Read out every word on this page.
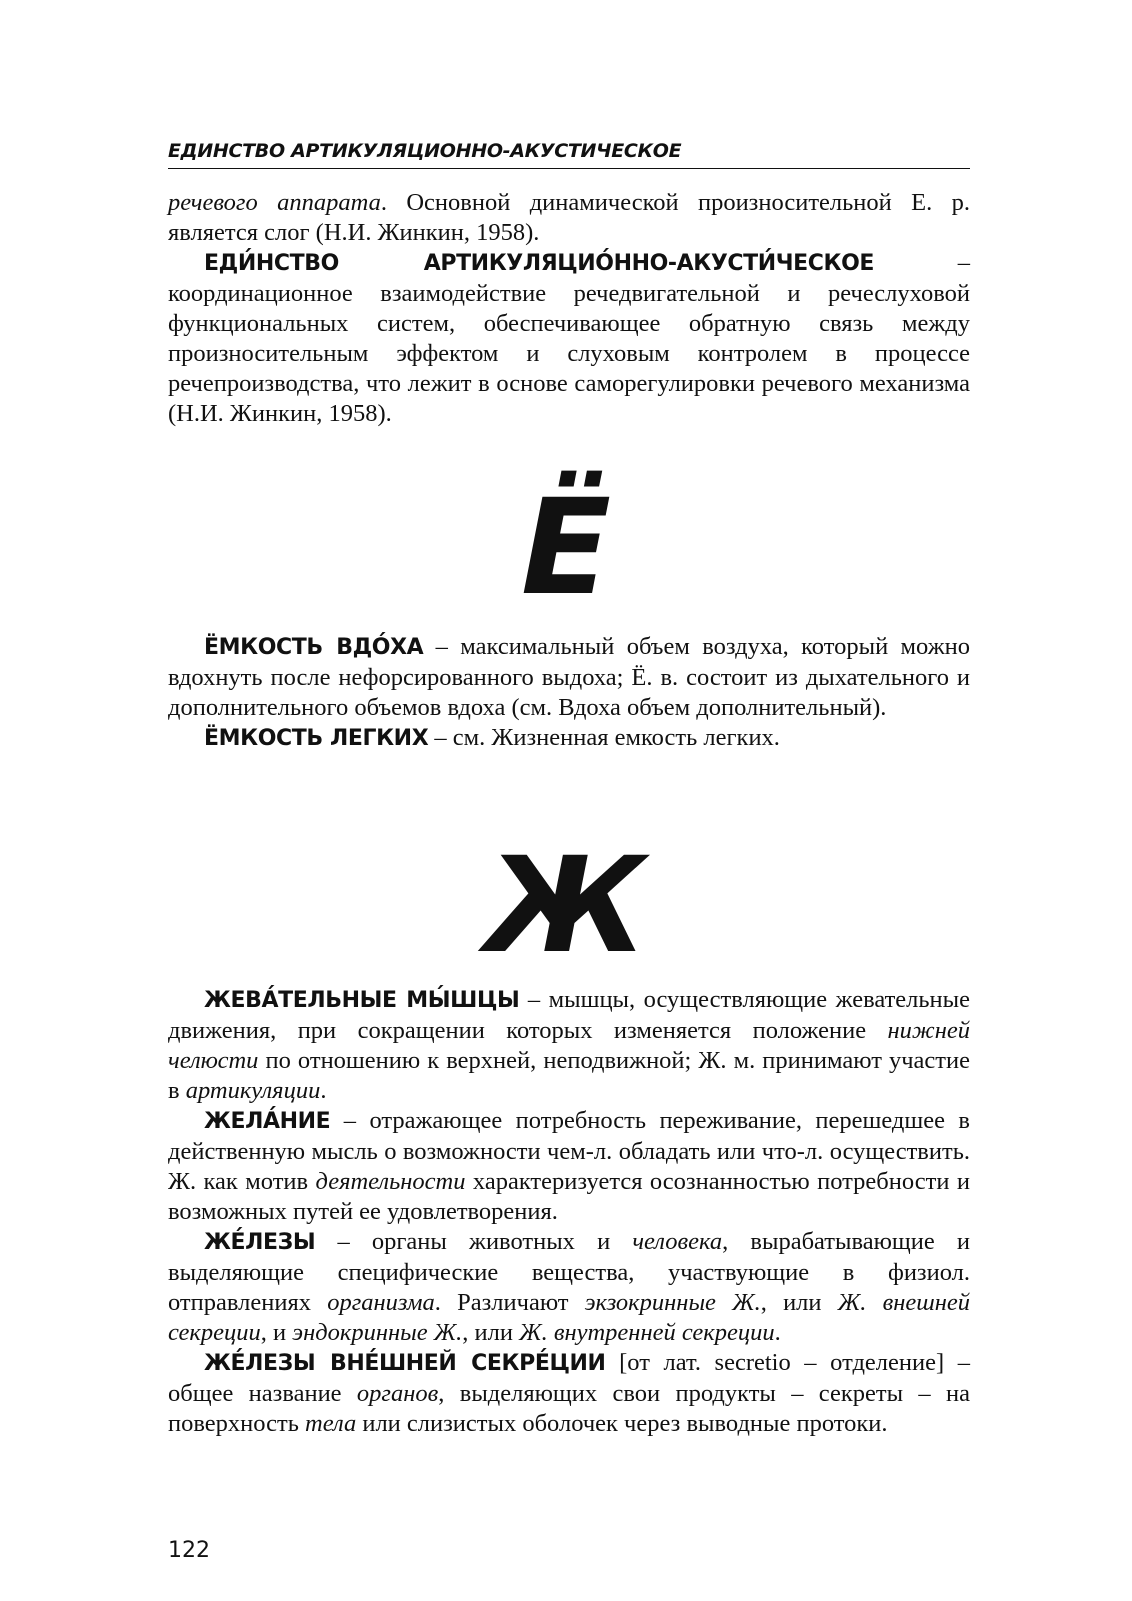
ЕДИНСТВО АРТИКУЛЯЦИОННО-АКУСТИЧЕСКОЕ

речевого аппарата. Основной динамической произносительной Е. р. является слог (Н.И. Жинкин, 1958).

ЕДИ́НСТВО АРТИКУЛЯЦИО́ННО-АКУСТИ́ЧЕСКОЕ – координационное взаимодействие речедвигательной и речеслуховой функциональных систем, обеспечивающее обратную связь между произносительным эффектом и слуховым контролем в процессе речепроизводства, что лежит в основе саморегулировки речевого механизма (Н.И. Жинкин, 1958).

Ё

ЁМКОСТЬ ВДО́ХА – максимальный объем воздуха, который можно вдохнуть после нефорсированного выдоха; Ё. в. состоит из дыхательного и дополнительного объемов вдоха (см. Вдоха объем дополнительный).

ЁМКОСТЬ ЛЕГКИХ – см. Жизненная емкость легких.

Ж

ЖЕВА́ТЕЛЬНЫЕ МЫ́ШЦЫ – мышцы, осуществляющие жевательные движения, при сокращении которых изменяется положение нижней челюсти по отношению к верхней, неподвижной; Ж. м. принимают участие в артикуляции.

ЖЕЛА́НИЕ – отражающее потребность переживание, перешедшее в действенную мысль о возможности чем-л. обладать или что-л. осуществить. Ж. как мотив деятельности характеризуется осознанностью потребности и возможных путей ее удовлетворения.

ЖЕ́ЛЕЗЫ – органы животных и человека, вырабатывающие и выделяющие специфические вещества, участвующие в физиол. отправлениях организма. Различают экзокринные Ж., или Ж. внешней секреции, и эндокринные Ж., или Ж. внутренней секреции.

ЖЕ́ЛЕЗЫ ВНЕ́ШНЕЙ СЕКРЕ́ЦИИ [от лат. secretio – отделение] – общее название органов, выделяющих свои продукты – секреты – на поверхность тела или слизистых оболочек через выводные протоки.

122
